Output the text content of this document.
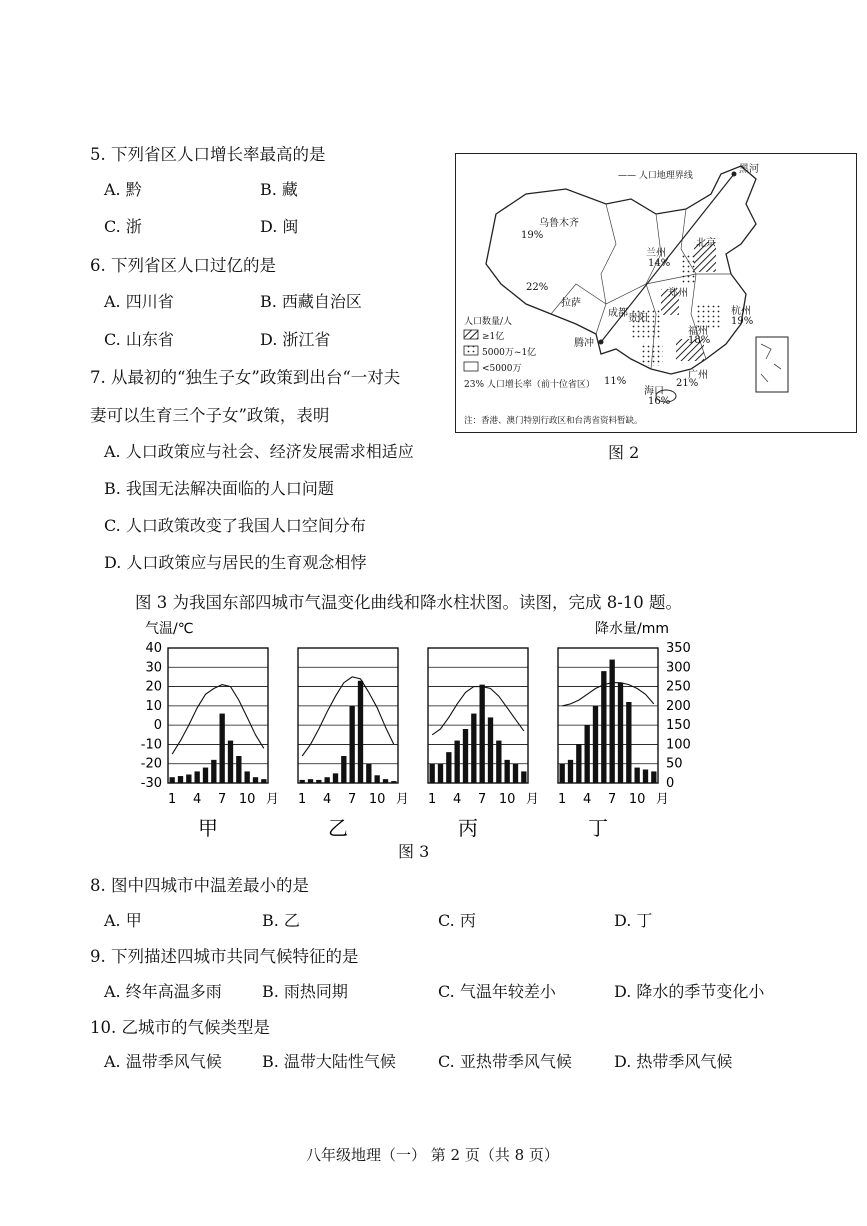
5. 下列省区人口增长率最高的是
A. 黔	B. 藏
C. 浙	D. 闽
6. 下列省区人口过亿的是
A. 四川省	B. 西藏自治区
C. 山东省	D. 浙江省
7. 从最初的“独生子女”政策到出台“一对夫
妻可以生育三个子女”政策，表明
A. 人口政策应与社会、经济发展需求相适应
B. 我国无法解决面临的人口问题
C. 人口政策改变了我国人口空间分布
D. 人口政策应与居民的生育观念相悖
—— 人口地理界线
黑河
乌鲁木齐
19%
22%
拉萨
兰州
14%
北京
郑州
成都 贵阳
杭州
19%
福州
18%
腾冲
11%
广州
21%
海口
16%
人口数量/人
≥1亿
5000万~1亿
<5000万
23% 人口增长率（前十位省区）
注：香港、澳门特别行政区和台湾省资料暂缺。
图 2
图 3 为我国东部四城市气温变化曲线和降水柱状图。读图，完成 8-10 题。
气温/℃	降水量/mm
40
30
20
10
0
-10
-20
-30
350
300
250
200
150
100
50
0
1 4 7 10 月
甲
1 4 7 10 月
乙
1 4 7 10 月
丙
1 4 7 10 月
丁
图 3
8. 图中四城市中温差最小的是
A. 甲	B. 乙	C. 丙	D. 丁
9. 下列描述四城市共同气候特征的是
A. 终年高温多雨	B. 雨热同期	C. 气温年较差小	D. 降水的季节变化小
10. 乙城市的气候类型是
A. 温带季风气候	B. 温带大陆性气候	C. 亚热带季风气候	D. 热带季风气候
八年级地理（一） 第 2 页（共 8 页）
